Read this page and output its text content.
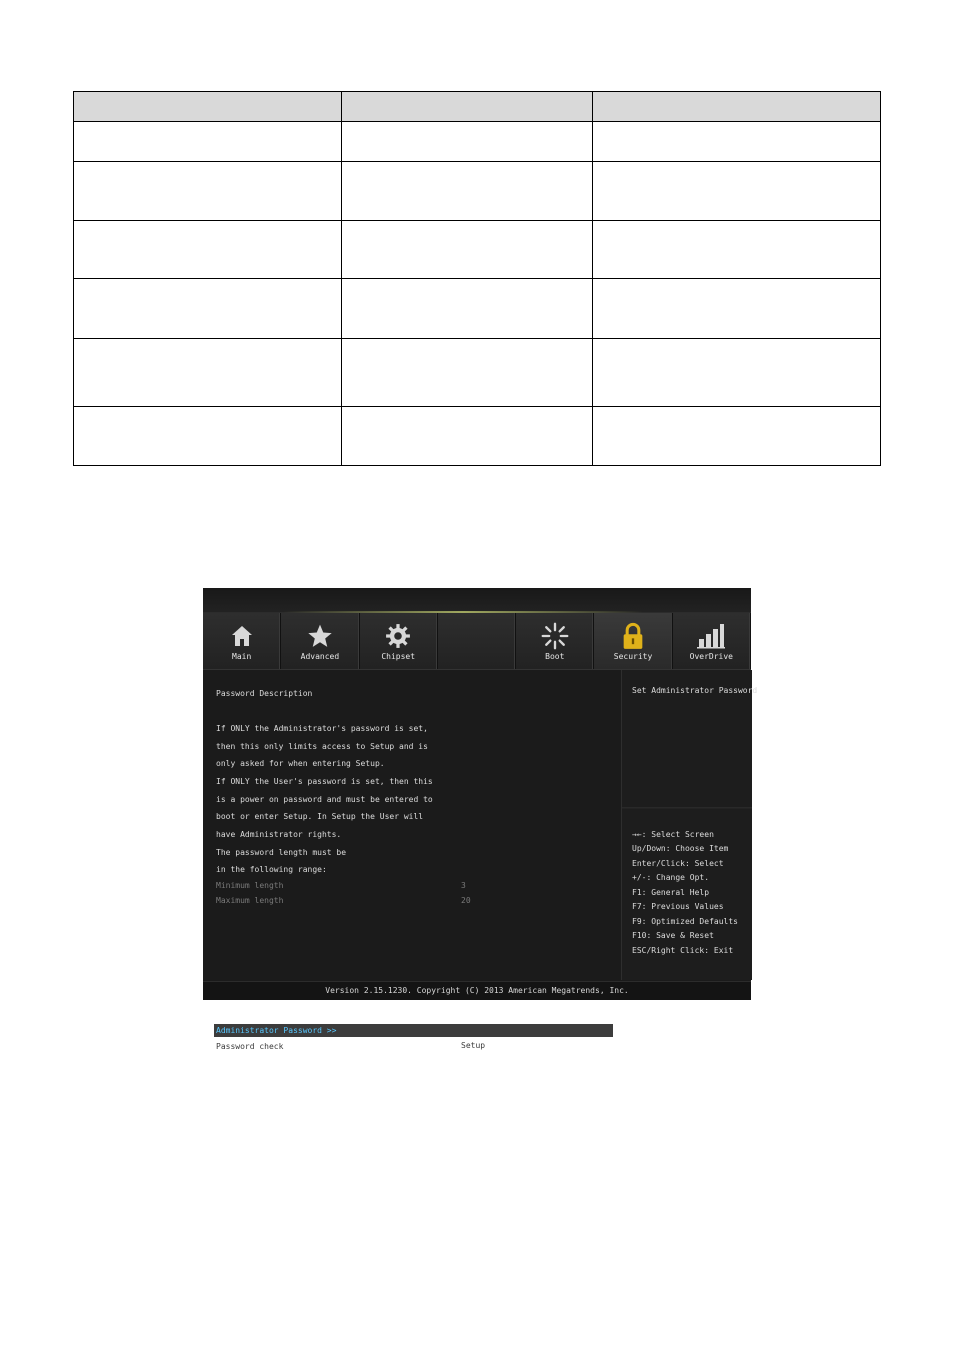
Main	Advanced	Chipset	Boot	Security	OverDrive
Password Description
If ONLY the Administrator's password is set,
then this only limits access to Setup and is
only asked for when entering Setup.
If ONLY the User's password is set, then this
is a power on password and must be entered to
boot or enter Setup. In Setup the User will
have Administrator rights.
The password length must be
in the following range:
Minimum length	3
Maximum length	20
Administrator Password >>
Password check	Setup
Set Administrator Password
→←: Select Screen
Up/Down: Choose Item
Enter/Click: Select
+/-: Change Opt.
F1: General Help
F7: Previous Values
F9: Optimized Defaults
F10: Save & Reset
ESC/Right Click: Exit
Version 2.15.1230. Copyright (C) 2013 American Megatrends, Inc.
